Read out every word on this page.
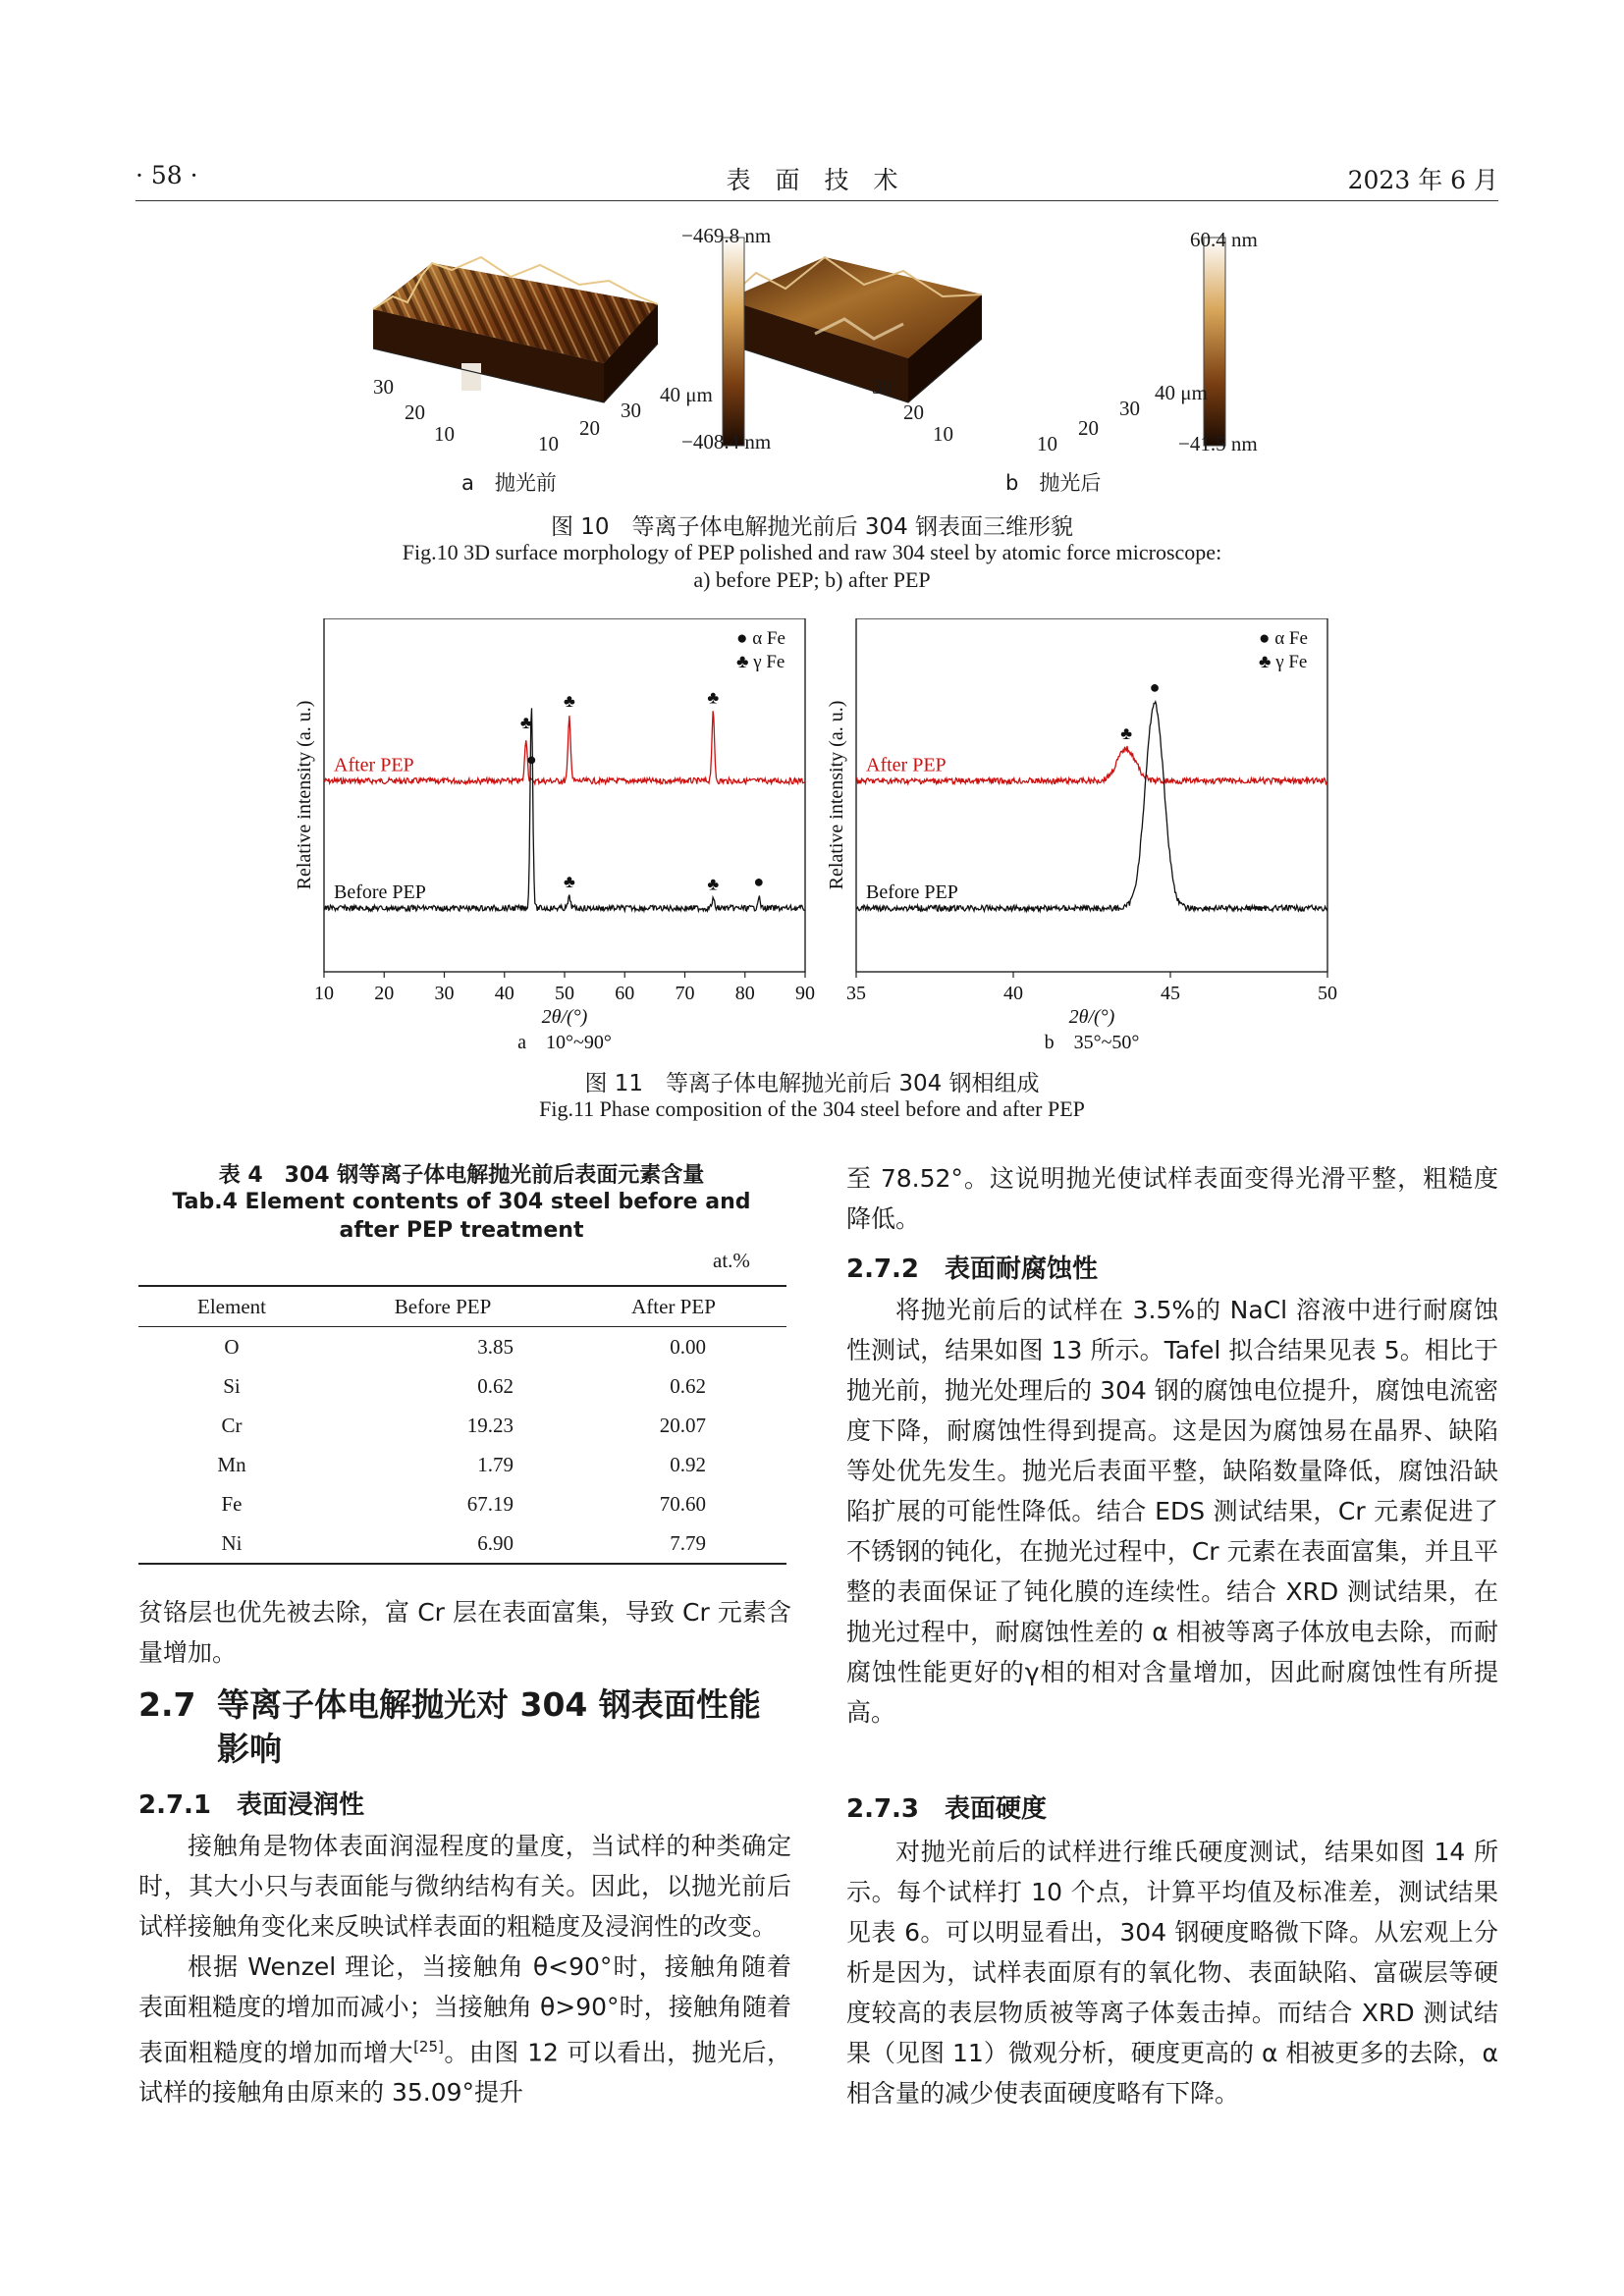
· 58 ·	表　面　技　术	2023 年 6 月
−469.8 nm
−408.4 nm
60.4 nm
−41.5 nm
40 μm	40 μm
30
20
10	10
20
30
30
20
10	10
20
30
a　抛光前	b　抛光后
图 10　等离子体电解抛光前后 304 钢表面三维形貌
Fig.10 3D surface morphology of PEP polished and raw 304 steel by atomic force microscope:
a) before PEP; b) after PEP
10 20 30 40 50 60 70 80 90
2θ/(°)
a　10°~90°
Relative intensity (a. u.)
● α Fe
♣ γ Fe
After PEP
♣
●
♣	♣
Before PEP
♣	♣ ●
35	40	45	50
2θ/(°)
b　35°~50°
Relative intensity (a. u.)
● α Fe
♣ γ Fe
After PEP
♣
Before PEP
●
图 11　等离子体电解抛光前后 304 钢相组成
Fig.11 Phase composition of the 304 steel before and after PEP
表 4　304 钢等离子体电解抛光前后表面元素含量
Tab.4 Element contents of 304 steel before and
after PEP treatment
at.%
Element	Before PEP	After PEP
O	3.85	0.00
Si	0.62	0.62
Cr	19.23	20.07
Mn	1.79	0.92
Fe	67.19	70.60
Ni	6.90	7.79

贫铬层也优先被去除，富 Cr 层在表面富集，导致 Cr 元素含量增加。

2.7 等离子体电解抛光对 304 钢表面性能影响
2.7.1　表面浸润性

接触角是物体表面润湿程度的量度，当试样的种类确定时，其大小只与表面能与微纳结构有关。因此，以抛光前后试样接触角变化来反映试样表面的粗糙度及浸润性的改变。

根据 Wenzel 理论，当接触角 θ<90°时，接触角随着表面粗糙度的增加而减小；当接触角 θ>90°时，接触角随着表面粗糙度的增加而增大[25]。由图 12 可以看出，抛光后，试样的接触角由原来的 35.09°提升

至 78.52°。这说明抛光使试样表面变得光滑平整，粗糙度降低。

2.7.2　表面耐腐蚀性

将抛光前后的试样在 3.5%的 NaCl 溶液中进行耐腐蚀性测试，结果如图 13 所示。Tafel 拟合结果见表 5。相比于抛光前，抛光处理后的 304 钢的腐蚀电位提升，腐蚀电流密度下降，耐腐蚀性得到提高。这是因为腐蚀易在晶界、缺陷等处优先发生。抛光后表面平整，缺陷数量降低，腐蚀沿缺陷扩展的可能性降低。结合 EDS 测试结果，Cr 元素促进了不锈钢的钝化，在抛光过程中，Cr 元素在表面富集，并且平整的表面保证了钝化膜的连续性。结合 XRD 测试结果，在抛光过程中，耐腐蚀性差的 α 相被等离子体放电去除，而耐腐蚀性能更好的γ相的相对含量增加，因此耐腐蚀性有所提高。

2.7.3　表面硬度

对抛光前后的试样进行维氏硬度测试，结果如图 14 所示。每个试样打 10 个点，计算平均值及标准差，测试结果见表 6。可以明显看出，304 钢硬度略微下降。从宏观上分析是因为，试样表面原有的氧化物、表面缺陷、富碳层等硬度较高的表层物质被等离子体轰击掉。而结合 XRD 测试结果（见图 11）微观分析，硬度更高的 α 相被更多的去除，α 相含量的减少使表面硬度略有下降。
